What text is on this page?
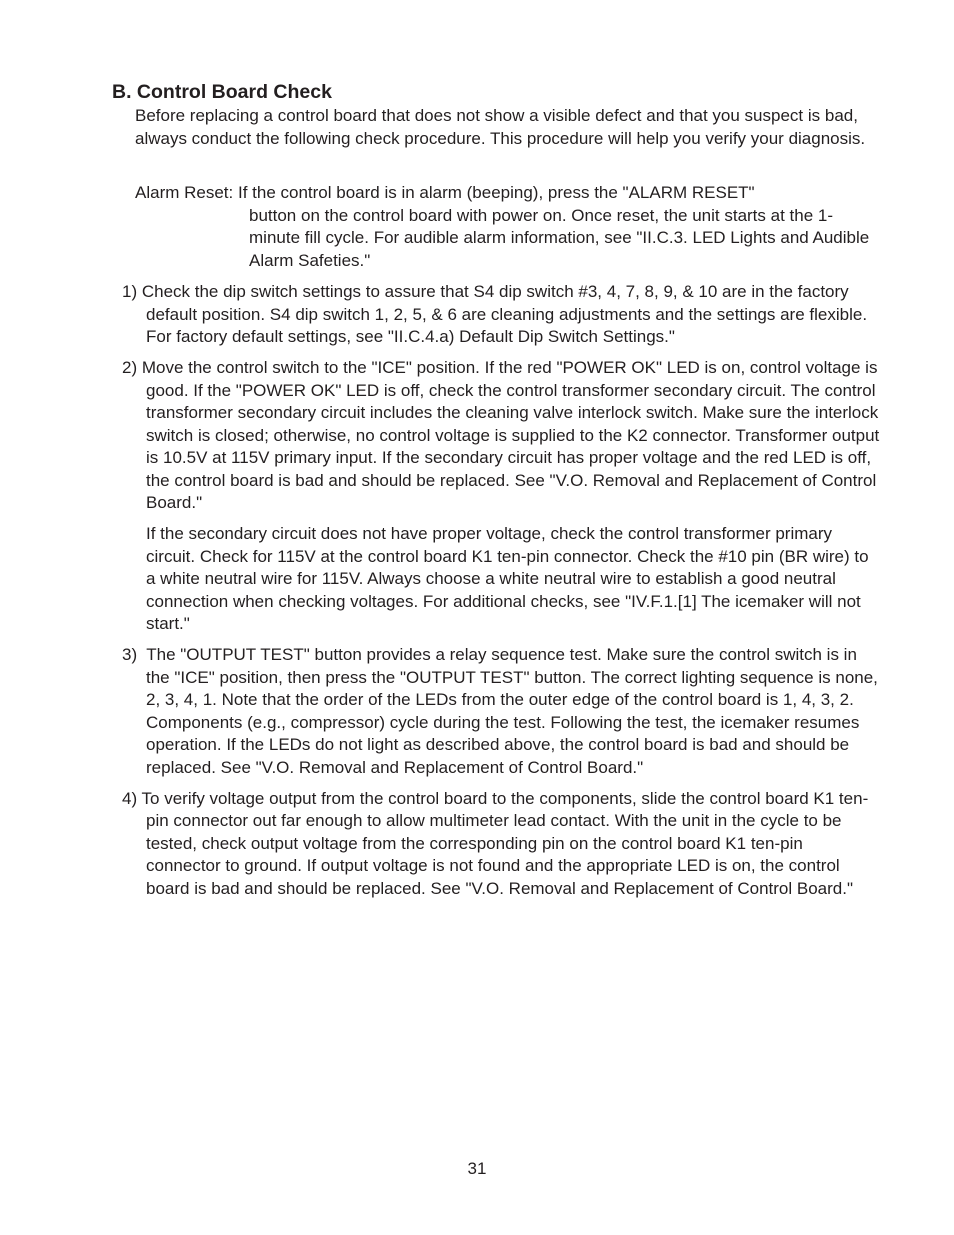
B. Control Board Check

Before replacing a control board that does not show a visible defect and that you suspect is bad, always conduct the following check procedure. This procedure will help you verify your diagnosis.

Alarm Reset: If the control board is in alarm (beeping), press the "ALARM RESET"
button on the control board with power on. Once reset, the unit starts at the 1-minute fill cycle. For audible alarm information, see "II.C.3. LED Lights and Audible Alarm Safeties."

1) Check the dip switch settings to assure that S4 dip switch #3, 4, 7, 8, 9, & 10 are in the factory default position. S4 dip switch 1, 2, 5, & 6 are cleaning adjustments and the settings are flexible. For factory default settings, see "II.C.4.a) Default Dip Switch Settings."

2) Move the control switch to the "ICE" position. If the red "POWER OK" LED is on, control voltage is good. If the "POWER OK" LED is off, check the control transformer secondary circuit. The control transformer secondary circuit includes the cleaning valve interlock switch. Make sure the interlock switch is closed; otherwise, no control voltage is supplied to the K2 connector. Transformer output is 10.5V at 115V primary input. If the secondary circuit has proper voltage and the red LED is off, the control board is bad and should be replaced. See "V.O. Removal and Replacement of Control Board."

If the secondary circuit does not have proper voltage, check the control transformer primary circuit. Check for 115V at the control board K1 ten-pin connector. Check the #10 pin (BR wire) to a white neutral wire for 115V. Always choose a white neutral wire to establish a good neutral connection when checking voltages. For additional checks, see "IV.F.1.[1] The icemaker will not start."

3)  The "OUTPUT TEST" button provides a relay sequence test. Make sure the control switch is in the "ICE" position, then press the "OUTPUT TEST" button. The correct lighting sequence is none, 2, 3, 4, 1. Note that the order of the LEDs from the outer edge of the control board is 1, 4, 3, 2. Components (e.g., compressor) cycle during the test. Following the test, the icemaker resumes operation. If the LEDs do not light as described above, the control board is bad and should be replaced. See "V.O. Removal and Replacement of Control Board."

4) To verify voltage output from the control board to the components, slide the control board K1 ten-pin connector out far enough to allow multimeter lead contact. With the unit in the cycle to be tested, check output voltage from the corresponding pin on the control board K1 ten-pin connector to ground. If output voltage is not found and the appropriate LED is on, the control board is bad and should be replaced. See "V.O. Removal and Replacement of Control Board."

31
